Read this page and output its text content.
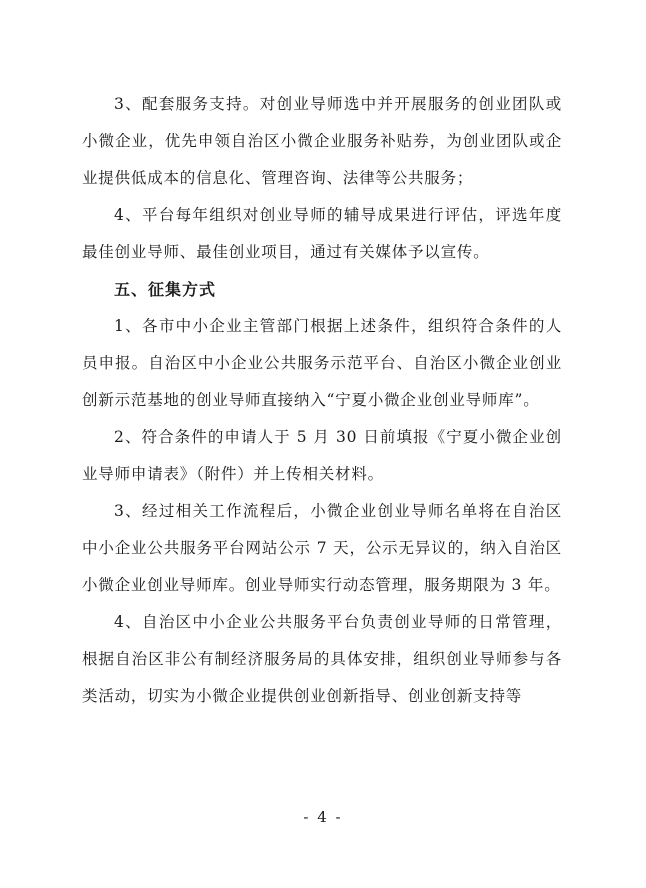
3、配套服务支持。对创业导师选中并开展服务的创业团队或小微企业，优先申领自治区小微企业服务补贴券，为创业团队或企业提供低成本的信息化、管理咨询、法律等公共服务；

4、平台每年组织对创业导师的辅导成果进行评估，评选年度最佳创业导师、最佳创业项目，通过有关媒体予以宣传。

五、征集方式

1、各市中小企业主管部门根据上述条件，组织符合条件的人员申报。自治区中小企业公共服务示范平台、自治区小微企业创业创新示范基地的创业导师直接纳入“宁夏小微企业创业导师库”。

2、符合条件的申请人于 5 月 30 日前填报《宁夏小微企业创业导师申请表》（附件）并上传相关材料。

3、经过相关工作流程后，小微企业创业导师名单将在自治区中小企业公共服务平台网站公示 7 天，公示无异议的，纳入自治区小微企业创业导师库。创业导师实行动态管理，服务期限为 3 年。

4、自治区中小企业公共服务平台负责创业导师的日常管理，根据自治区非公有制经济服务局的具体安排，组织创业导师参与各类活动，切实为小微企业提供创业创新指导、创业创新支持等

- 4 -
